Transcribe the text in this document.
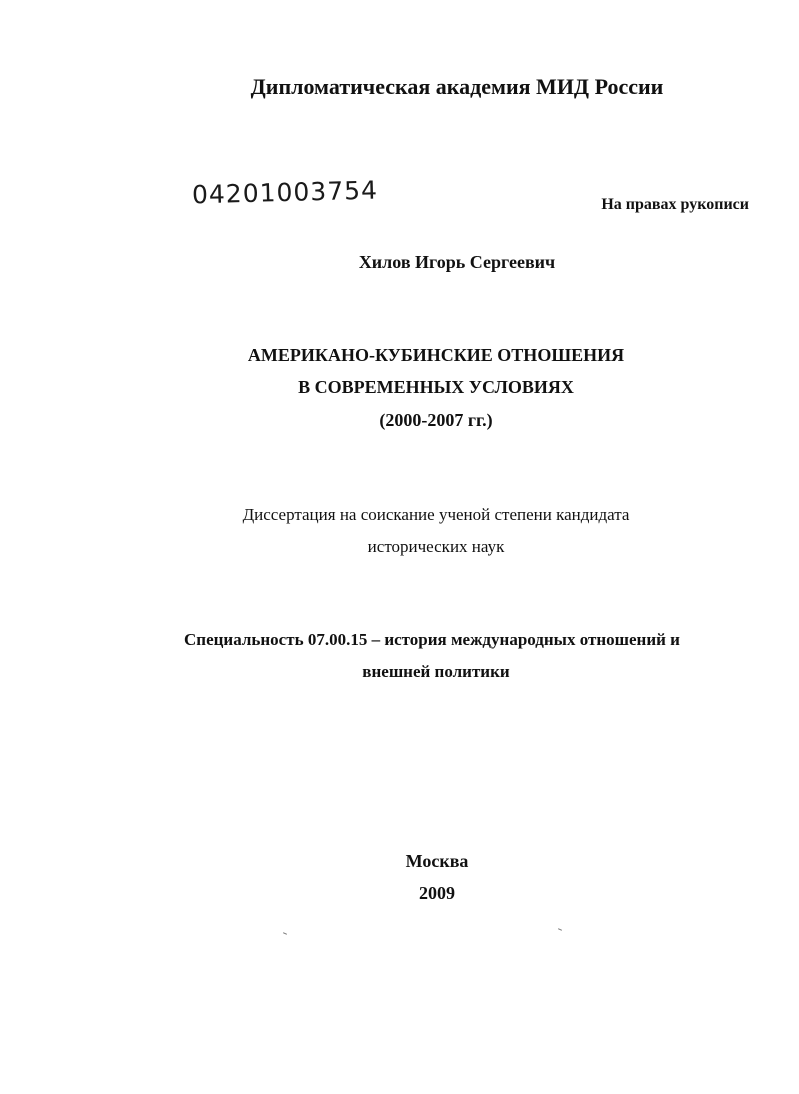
Дипломатическая академия МИД России
04201003754	На правах рукописи
Хилов Игорь Сергеевич
АМЕРИКАНО-КУБИНСКИЕ ОТНОШЕНИЯ
В СОВРЕМЕННЫХ УСЛОВИЯХ
(2000-2007 гг.)
Диссертация на соискание ученой степени кандидата
исторических наук
Специальность 07.00.15 – история международных отношений и
внешней политики
Москва
2009
